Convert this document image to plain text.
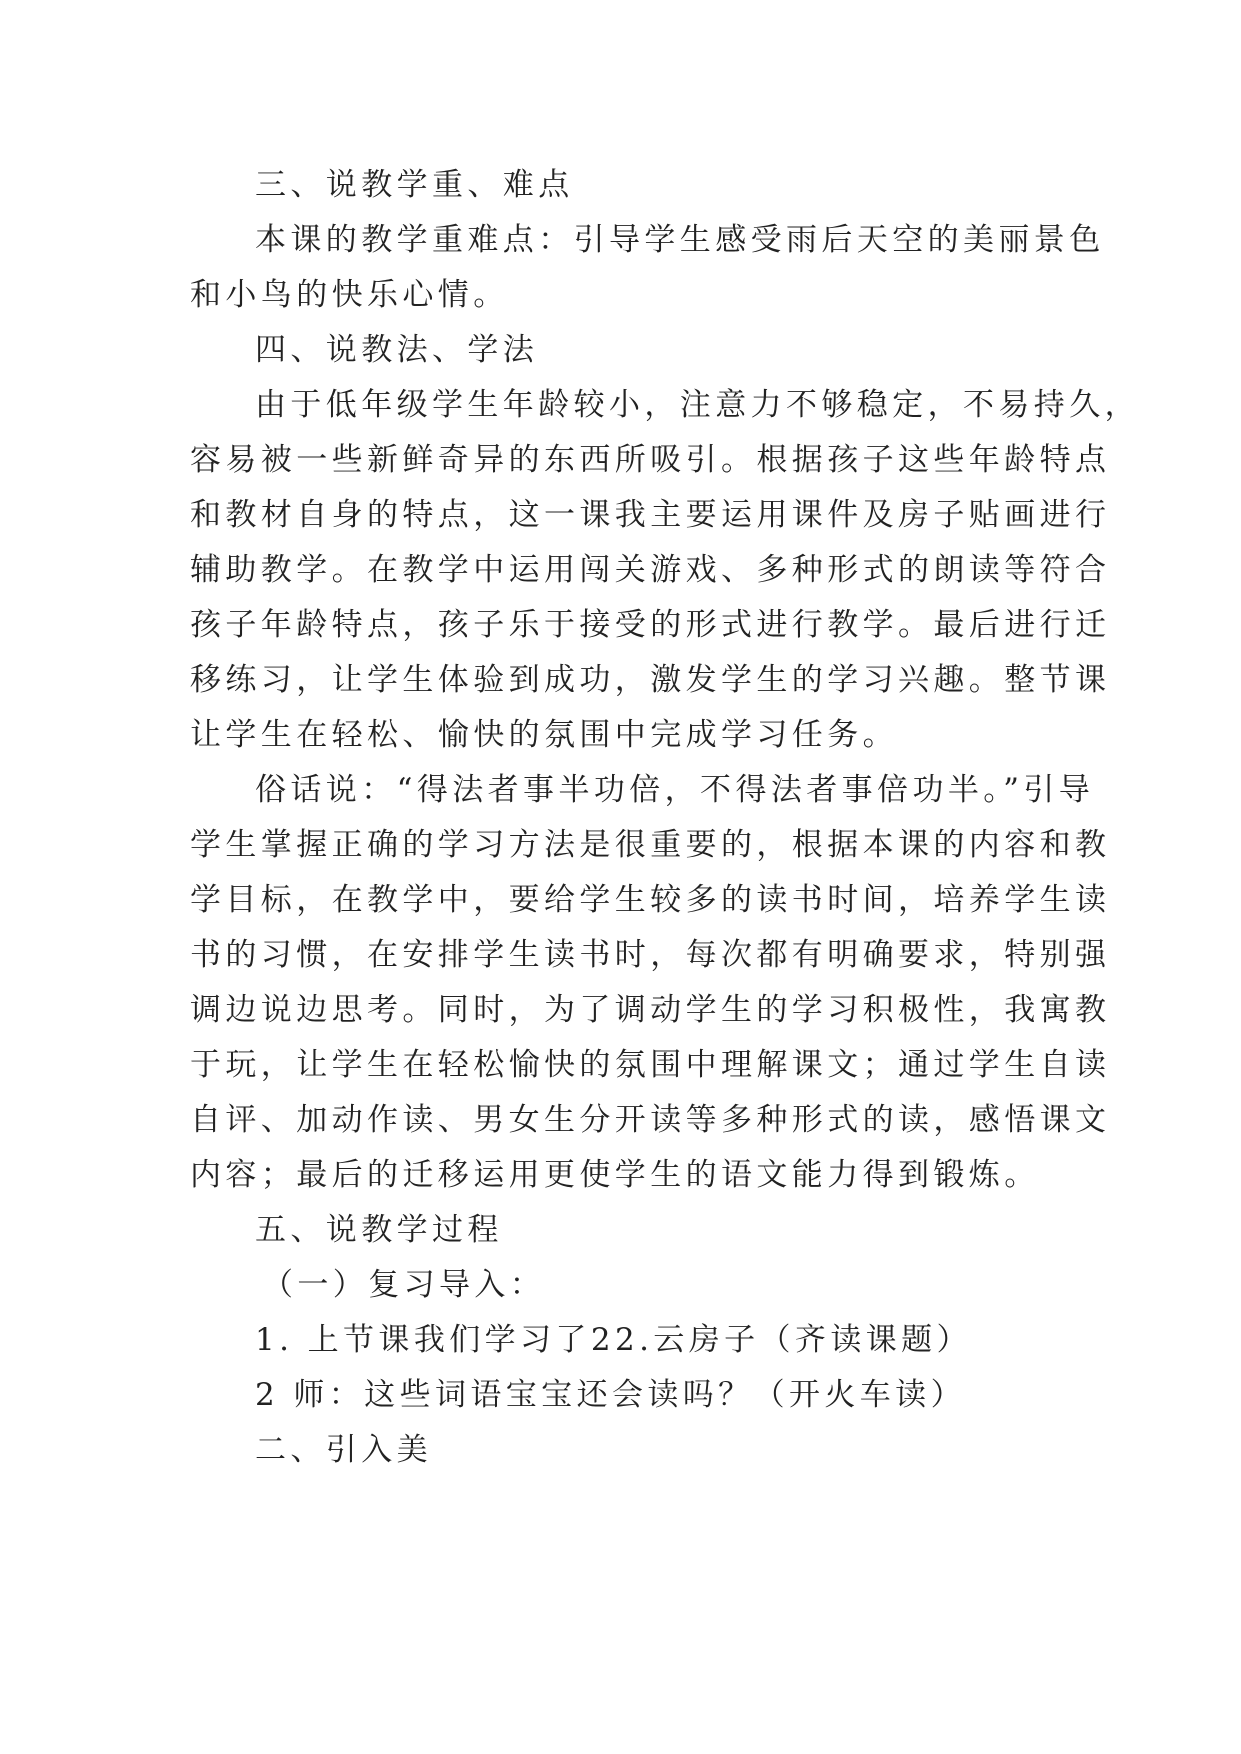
三、说教学重、难点
本课的教学重难点：引导学生感受雨后天空的美丽景色
和小鸟的快乐心情。
四、说教法、学法
由于低年级学生年龄较小，注意力不够稳定，不易持久，
容易被一些新鲜奇异的东西所吸引。根据孩子这些年龄特点
和教材自身的特点，这一课我主要运用课件及房子贴画进行
辅助教学。在教学中运用闯关游戏、多种形式的朗读等符合
孩子年龄特点，孩子乐于接受的形式进行教学。最后进行迁
移练习，让学生体验到成功，激发学生的学习兴趣。整节课
让学生在轻松、愉快的氛围中完成学习任务。
俗话说：“得法者事半功倍，不得法者事倍功半。”引导
学生掌握正确的学习方法是很重要的，根据本课的内容和教
学目标，在教学中，要给学生较多的读书时间，培养学生读
书的习惯，在安排学生读书时，每次都有明确要求，特别强
调边说边思考。同时，为了调动学生的学习积极性，我寓教
于玩，让学生在轻松愉快的氛围中理解课文；通过学生自读
自评、加动作读、男女生分开读等多种形式的读，感悟课文
内容；最后的迁移运用更使学生的语文能力得到锻炼。
五、说教学过程
（一）复习导入：
1. 上节课我们学习了22.云房子（齐读课题）
2 师：这些词语宝宝还会读吗？（开火车读）
二、引入美
